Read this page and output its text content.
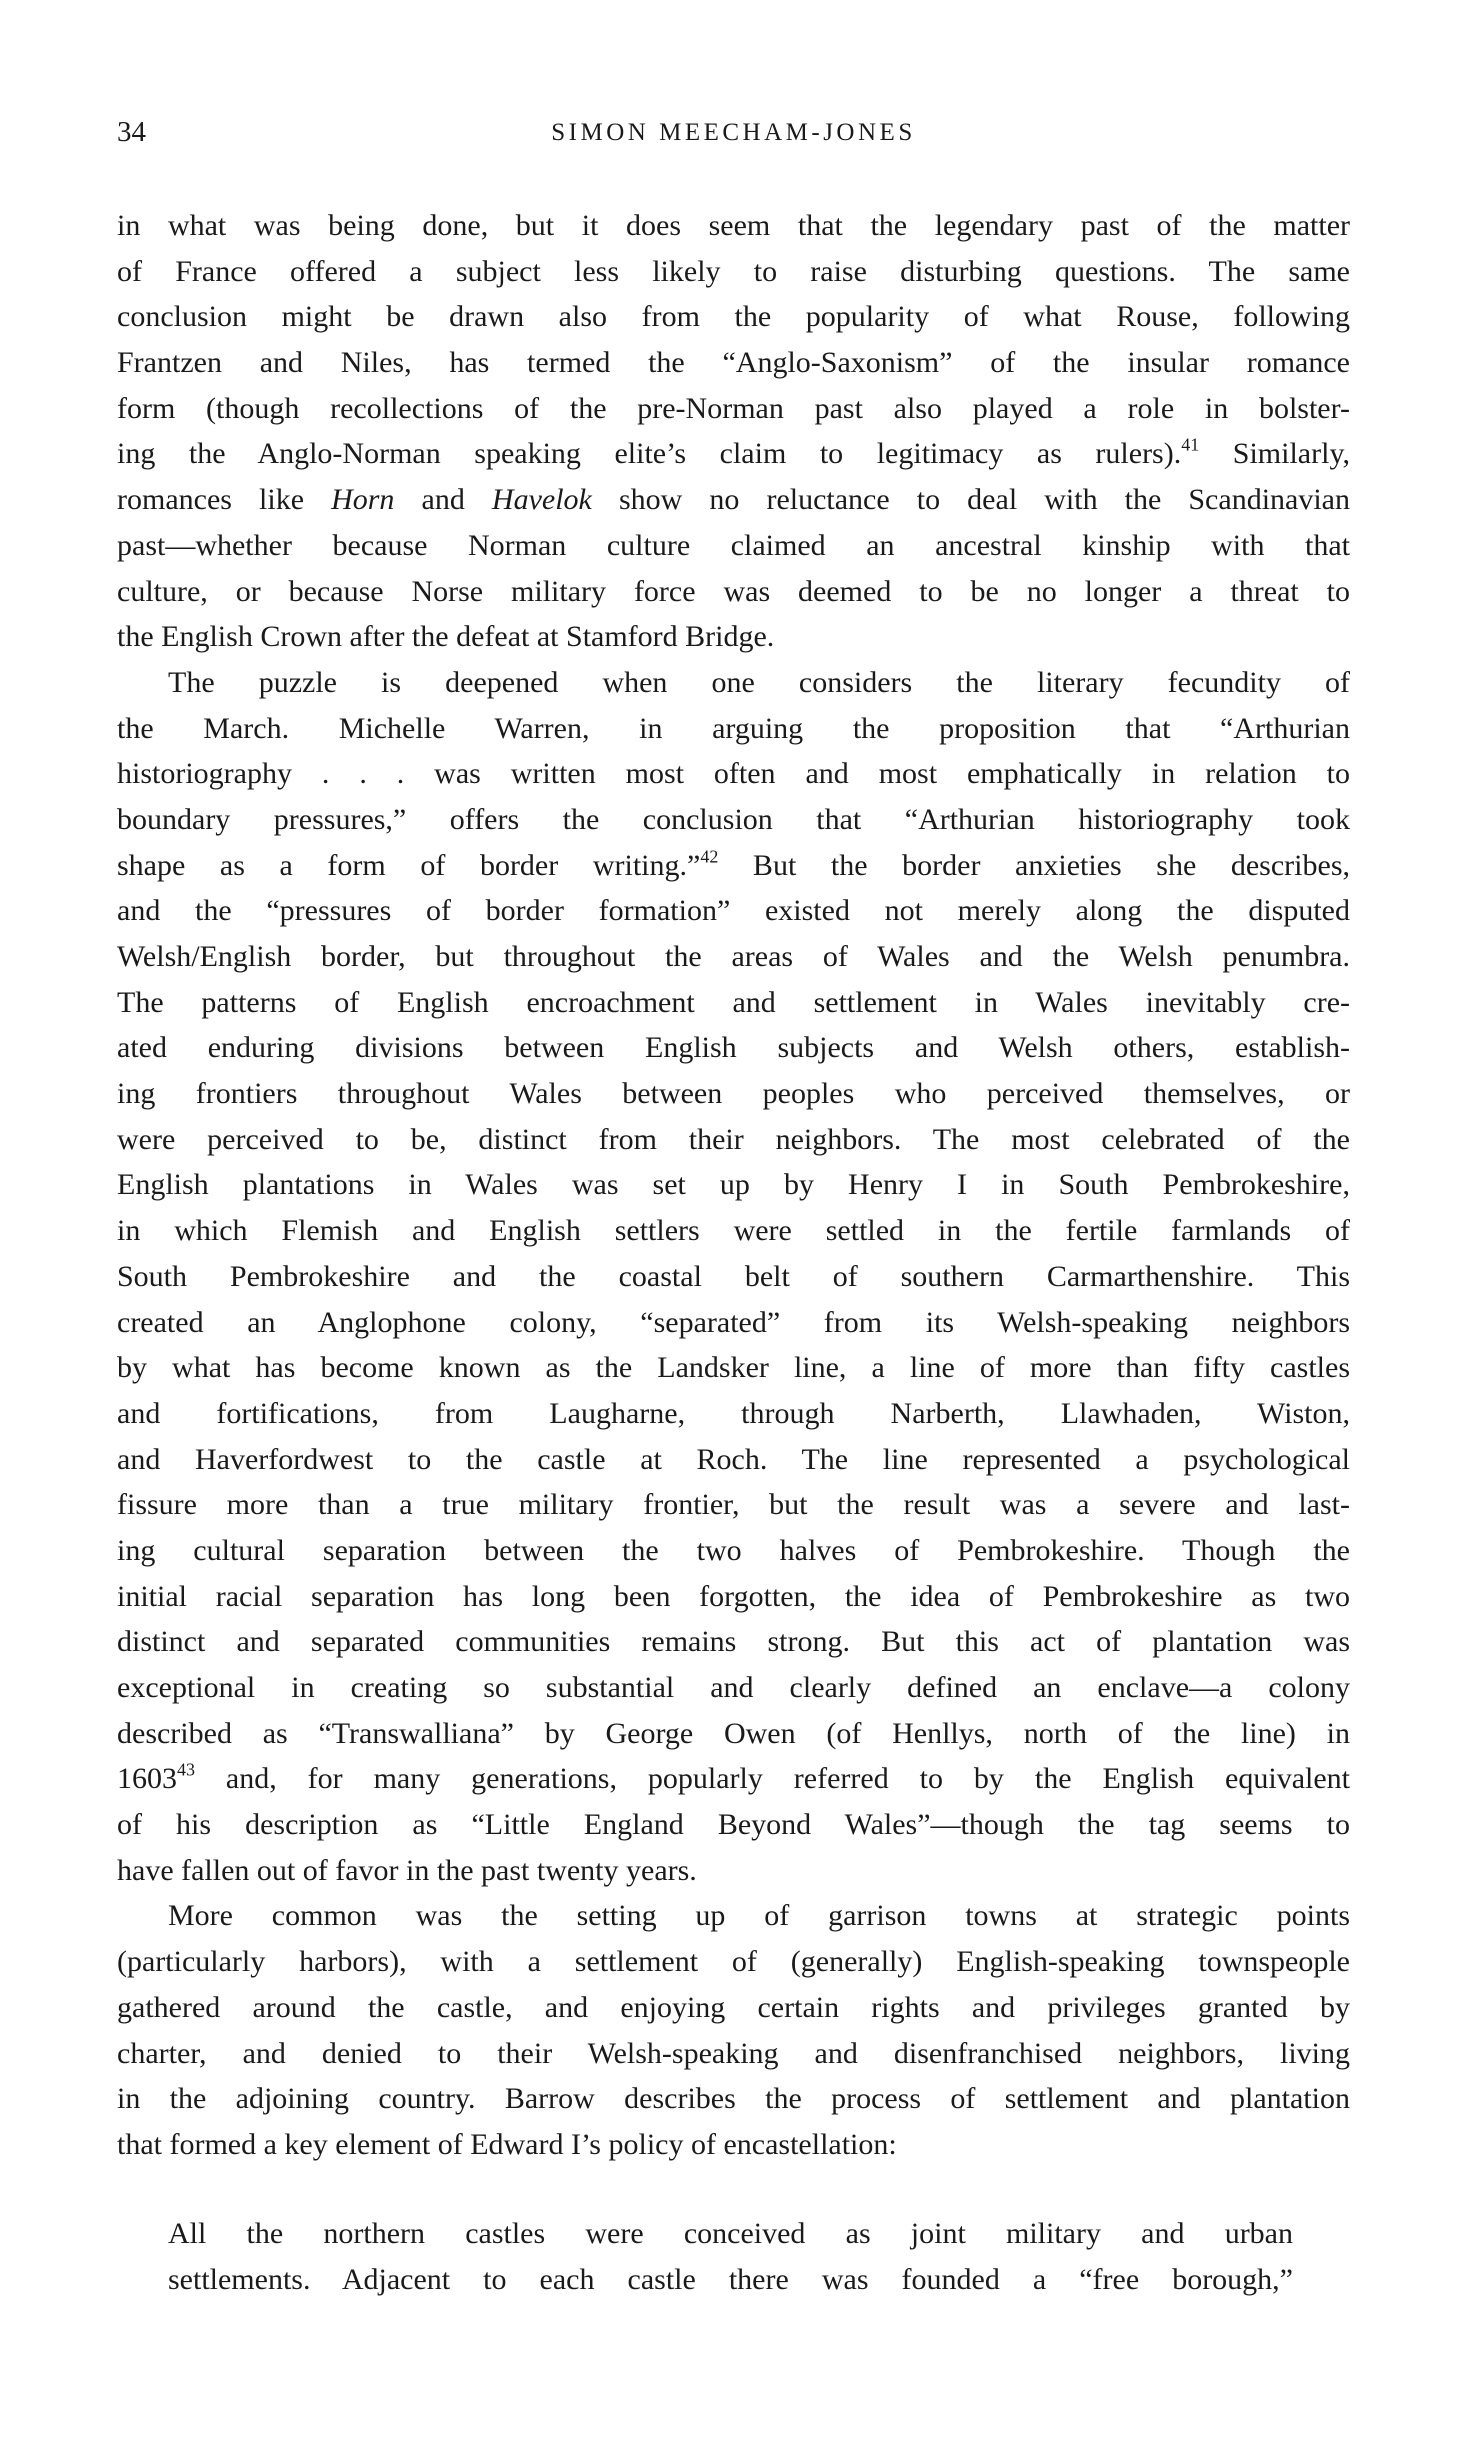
34	SIMON MEECHAM-JONES
in what was being done, but it does seem that the legendary past of the matter
of France offered a subject less likely to raise disturbing questions. The same
conclusion might be drawn also from the popularity of what Rouse, following
Frantzen and Niles, has termed the “Anglo-Saxonism” of the insular romance
form (though recollections of the pre-Norman past also played a role in bolster-
ing the Anglo-Norman speaking elite’s claim to legitimacy as rulers).$^{41}$ Similarly,
romances like Horn and Havelok show no reluctance to deal with the Scandinavian
past—whether because Norman culture claimed an ancestral kinship with that
culture, or because Norse military force was deemed to be no longer a threat to
the English Crown after the defeat at Stamford Bridge.
The puzzle is deepened when one considers the literary fecundity of
the March. Michelle Warren, in arguing the proposition that “Arthurian
historiography . . . was written most often and most emphatically in relation to
boundary pressures,” offers the conclusion that “Arthurian historiography took
shape as a form of border writing.”$^{42}$ But the border anxieties she describes,
and the “pressures of border formation” existed not merely along the disputed
Welsh/English border, but throughout the areas of Wales and the Welsh penumbra.
The patterns of English encroachment and settlement in Wales inevitably cre-
ated enduring divisions between English subjects and Welsh others, establish-
ing frontiers throughout Wales between peoples who perceived themselves, or
were perceived to be, distinct from their neighbors. The most celebrated of the
English plantations in Wales was set up by Henry I in South Pembrokeshire,
in which Flemish and English settlers were settled in the fertile farmlands of
South Pembrokeshire and the coastal belt of southern Carmarthenshire. This
created an Anglophone colony, “separated” from its Welsh-speaking neighbors
by what has become known as the Landsker line, a line of more than fifty castles
and fortifications, from Laugharne, through Narberth, Llawhaden, Wiston,
and Haverfordwest to the castle at Roch. The line represented a psychological
fissure more than a true military frontier, but the result was a severe and last-
ing cultural separation between the two halves of Pembrokeshire. Though the
initial racial separation has long been forgotten, the idea of Pembrokeshire as two
distinct and separated communities remains strong. But this act of plantation was
exceptional in creating so substantial and clearly defined an enclave—a colony
described as “Transwalliana” by George Owen (of Henllys, north of the line) in
1603$^{43}$ and, for many generations, popularly referred to by the English equivalent
of his description as “Little England Beyond Wales”—though the tag seems to
have fallen out of favor in the past twenty years.
More common was the setting up of garrison towns at strategic points
(particularly harbors), with a settlement of (generally) English-speaking townspeople
gathered around the castle, and enjoying certain rights and privileges granted by
charter, and denied to their Welsh-speaking and disenfranchised neighbors, living
in the adjoining country. Barrow describes the process of settlement and plantation
that formed a key element of Edward I’s policy of encastellation:
All the northern castles were conceived as joint military and urban
settlements. Adjacent to each castle there was founded a “free borough,”
